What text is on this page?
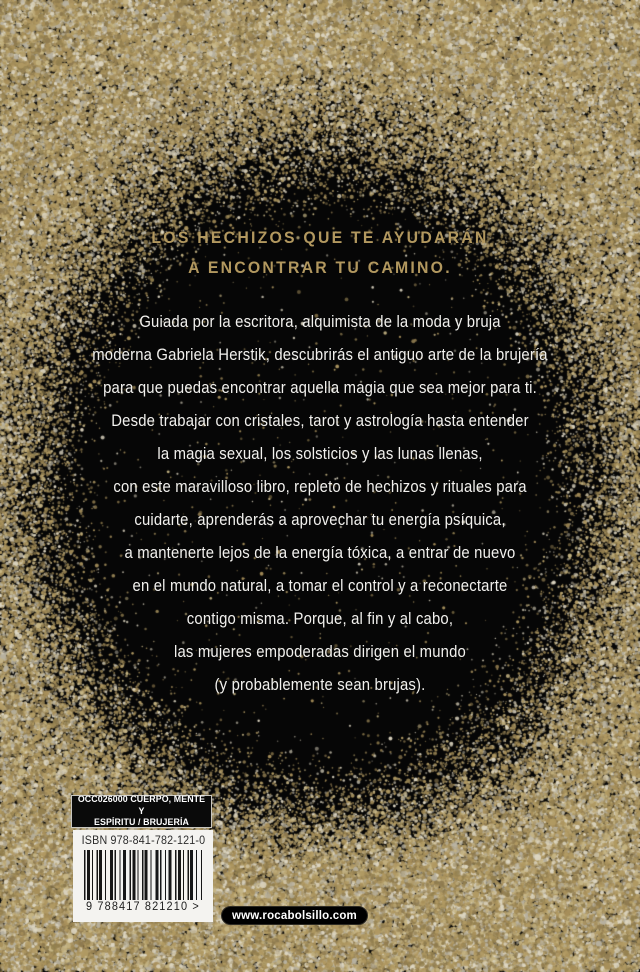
LOS HECHIZOS QUE TE AYUDARÁN
A ENCONTRAR TU CAMINO.
Guiada por la escritora, alquimista de la moda y bruja
moderna Gabriela Herstik, descubrirás el antiguo arte de la brujería
para que puedas encontrar aquella magia que sea mejor para ti.
Desde trabajar con cristales, tarot y astrología hasta entender
la magia sexual, los solsticios y las lunas llenas,
con este maravilloso libro, repleto de hechizos y rituales para
cuidarte, aprenderás a aprovechar tu energía psíquica,
a mantenerte lejos de la energía tóxica, a entrar de nuevo
en el mundo natural, a tomar el control y a reconectarte
contigo misma. Porque, al fin y al cabo,
las mujeres empoderadas dirigen el mundo
(y probablemente sean brujas).
OCC026000 CUERPO, MENTE Y
ESPÍRITU / BRUJERÍA
ISBN 978-841-782-121-0
9 788417 821210 >
www.rocabolsillo.com
